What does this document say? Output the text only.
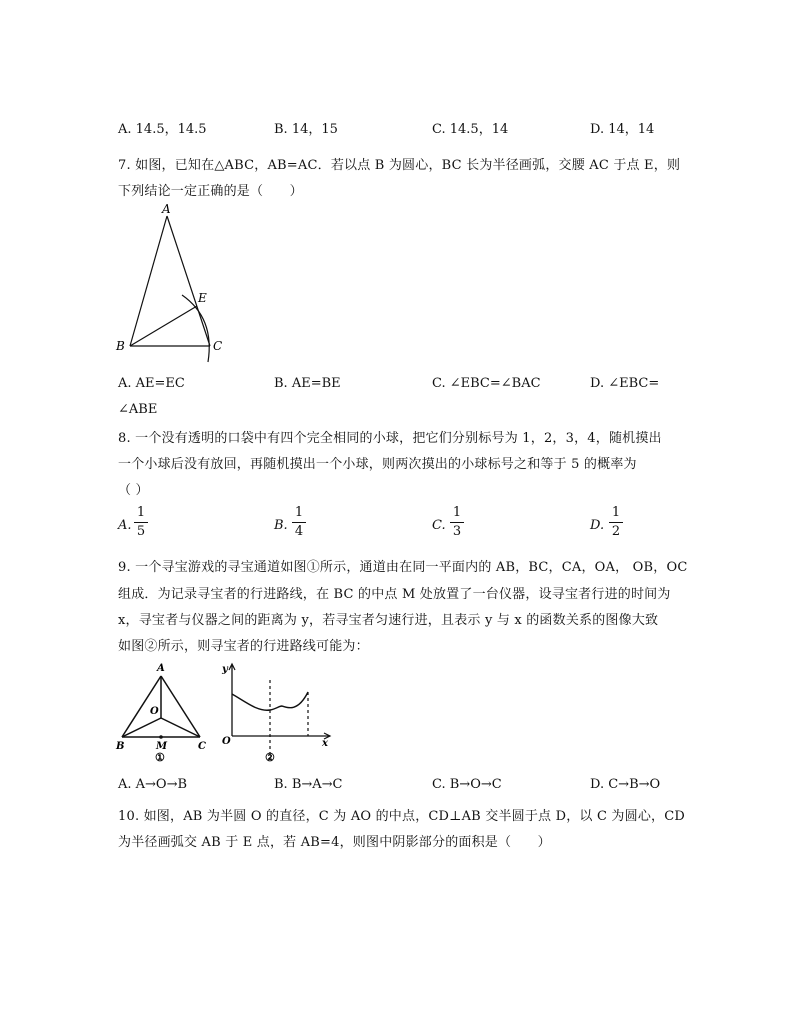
A. 14.5，14.5	B. 14，15	C. 14.5，14	D. 14，14
7. 如图，已知在△ABC，AB=AC．若以点 B 为圆心，BC 长为半径画弧，交腰 AC 于点 E，则
下列结论一定正确的是（　　）
A
B	C
E
A. AE=EC	B. AE=BE	C. ∠EBC=∠BAC	D. ∠EBC=
∠ABE
8. 一个没有透明的口袋中有四个完全相同的小球，把它们分别标号为 1，2，3，4，随机摸出
一个小球后没有放回，再随机摸出一个小球，则两次摸出的小球标号之和等于 5 的概率为
（ ）
A. $\frac{1}{5}$	B. $\frac{1}{4}$	C. $\frac{1}{3}$	D. $\frac{1}{2}$
9. 一个寻宝游戏的寻宝通道如图①所示，通道由在同一平面内的 AB，BC，CA，OA， OB，OC
组成．为记录寻宝者的行进路线，在 BC 的中点 M 处放置了一台仪器，设寻宝者行进的时间为
x，寻宝者与仪器之间的距离为 y，若寻宝者匀速行进，且表示 y 与 x 的函数关系的图像大致
如图②所示，则寻宝者的行进路线可能为：
A
B	C
O
M
①
y
x
O
②
A. A→O→B	B. B→A→C	C. B→O→C	D. C→B→O
10. 如图，AB 为半圆 O 的直径，C 为 AO 的中点，CD⊥AB 交半圆于点 D，以 C 为圆心，CD
为半径画弧交 AB 于 E 点，若 AB=4，则图中阴影部分的面积是（　　）
